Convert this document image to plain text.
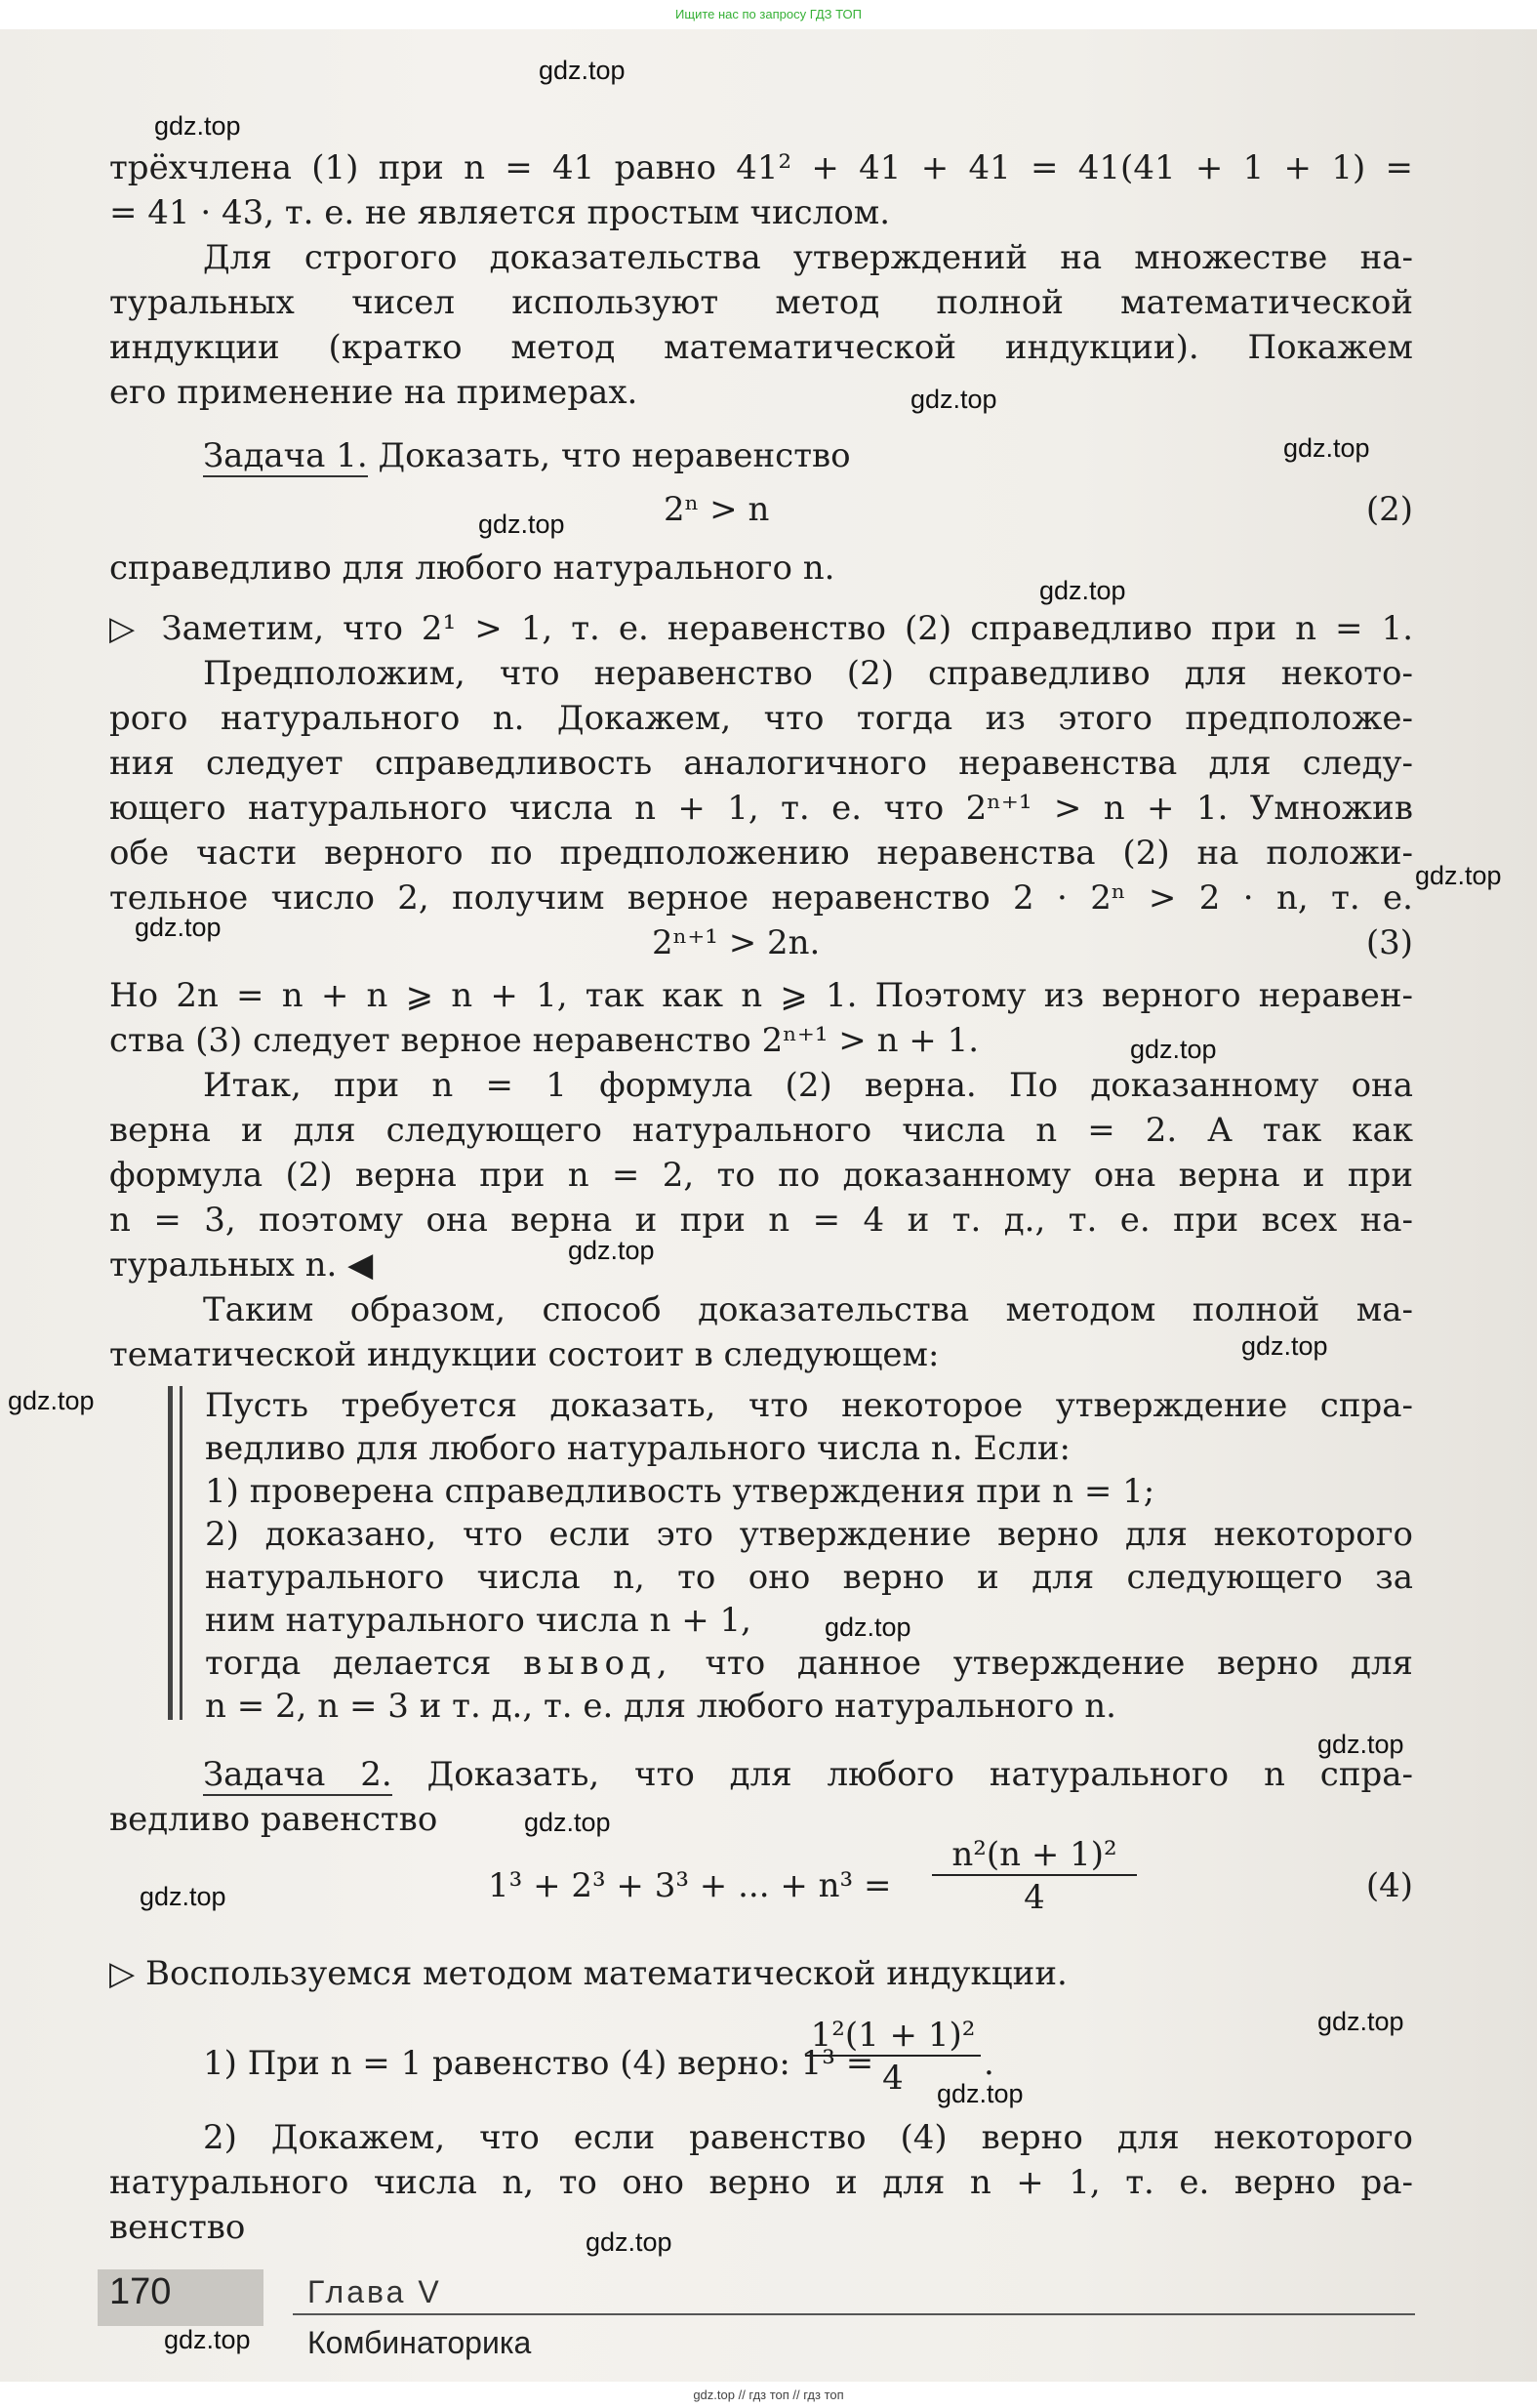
Ищите нас по запросу ГДЗ ТОП
трёхчлена (1) при n = 41 равно 41² + 41 + 41 = 41(41 + 1 + 1) =
= 41 · 43, т. е. не является простым числом.
Для строгого доказательства утверждений на множестве на-
туральных чисел используют метод полной математической
индукции (кратко метод математической индукции). Покажем
его применение на примерах.
Задача 1. Доказать, что неравенство
2ⁿ > n	(2)
справедливо для любого натурального n.
▷ Заметим, что 2¹ > 1, т. е. неравенство (2) справедливо при n = 1.
Предположим, что неравенство (2) справедливо для некото-
рого натурального n. Докажем, что тогда из этого предположе-
ния следует справедливость аналогичного неравенства для следу-
ющего натурального числа n + 1, т. е. что 2ⁿ⁺¹ > n + 1. Умножив
обе части верного по предположению неравенства (2) на положи-
тельное число 2, получим верное неравенство 2 · 2ⁿ > 2 · n, т. е.
2ⁿ⁺¹ > 2n.	(3)
Но 2n = n + n ⩾ n + 1, так как n ⩾ 1. Поэтому из верного нерaвен-
ства (3) следует верное неравенство 2ⁿ⁺¹ > n + 1.
Итак, при n = 1 формула (2) верна. По доказанному она
верна и для следующего натурального числа n = 2. А так как
формула (2) верна при n = 2, то по доказанному она верна и при
n = 3, поэтому она верна и при n = 4 и т. д., т. е. при всех на-
туральных n. ◀
Таким образом, способ доказательства методом полной ма-
тематической индукции состоит в следующем:
Пусть требуется доказать, что некоторое утверждение спра-
ведливо для любого натурального числа n. Если:
1) проверена справедливость утверждения при n = 1;
2) доказано, что если это утверждение верно для некоторого
натурального числа n, то оно верно и для следующего за
ним натурального числа n + 1,
тогда делается вывод, что данное утверждение верно для
n = 2, n = 3 и т. д., т. е. для любого натурального n.
Задача 2. Доказать, что для любого натурального n спра-
ведливо равенство
1³ + 2³ + 3³ + ... + n³ =
n²(n + 1)²
4	(4)
▷ Воспользуемся методом математической индукции.
1) При n = 1 равенство (4) верно: 1³ =
1²(1 + 1)²
4	.
2) Докажем, что если равенство (4) верно для некоторого
натурального числа n, то оно верно и для n + 1, т. е. верно ра-
венство
170	Глава V
Комбинаторика
gdz.top // гдз топ // гдз топ
gdz.top
gdz.top
gdz.top
gdz.top
gdz.top
gdz.top
gdz.top
gdz.top
gdz.top
gdz.top
gdz.top
gdz.top
gdz.top
gdz.top
gdz.top
gdz.top
gdz.top
gdz.top
gdz.top
gdz.top
